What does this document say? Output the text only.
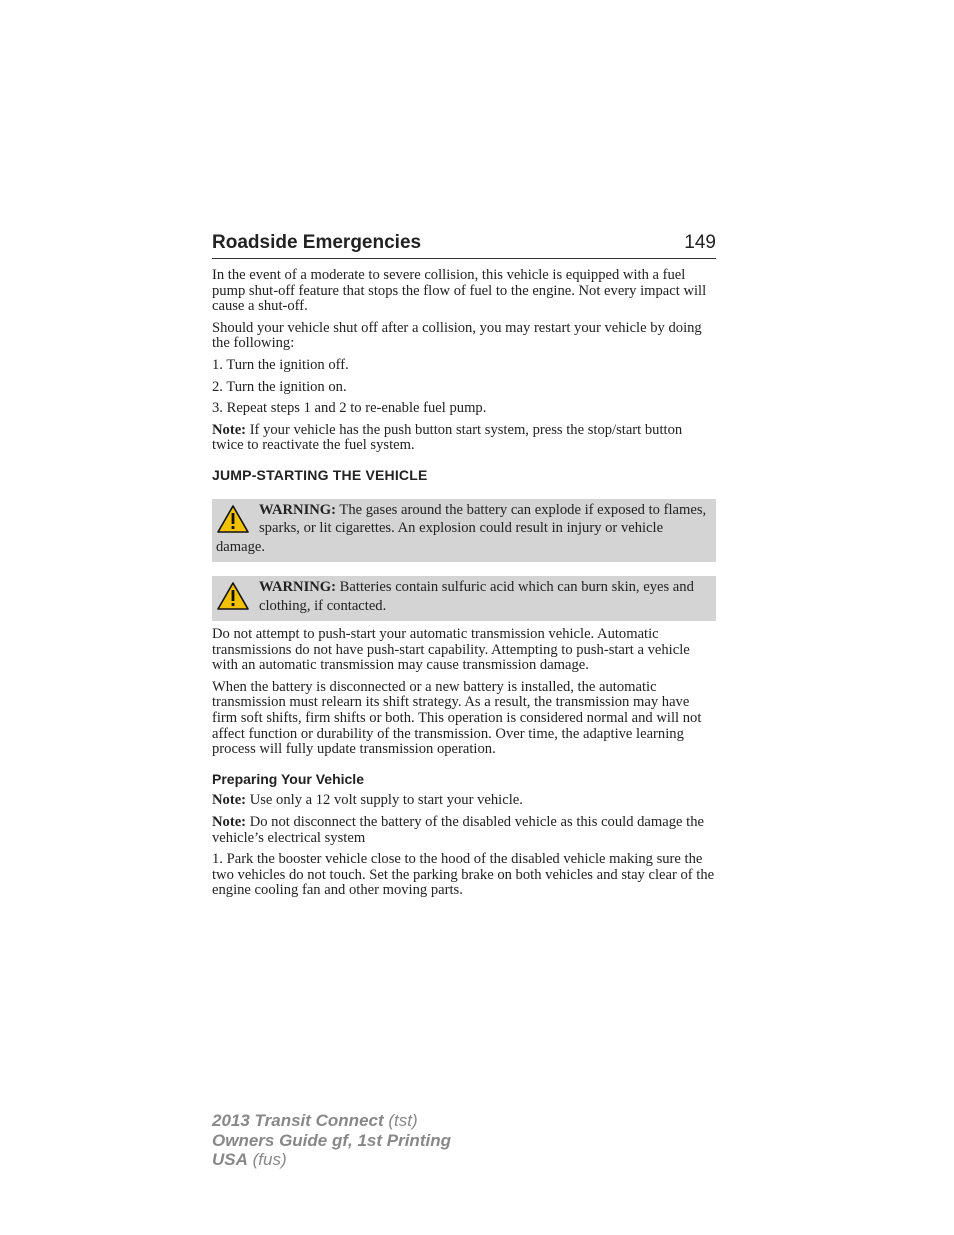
Roadside Emergencies	149

In the event of a moderate to severe collision, this vehicle is equipped with a fuel pump shut-off feature that stops the flow of fuel to the engine. Not every impact will cause a shut-off.

Should your vehicle shut off after a collision, you may restart your vehicle by doing the following:

1. Turn the ignition off.

2. Turn the ignition on.

3. Repeat steps 1 and 2 to re-enable fuel pump.

Note: If your vehicle has the push button start system, press the stop/start button twice to reactivate the fuel system.

JUMP-STARTING THE VEHICLE
WARNING: The gases around the battery can explode if exposed to flames, sparks, or lit cigarettes. An explosion could result in injury or vehicle damage.
WARNING: Batteries contain sulfuric acid which can burn skin, eyes and clothing, if contacted.

Do not attempt to push-start your automatic transmission vehicle. Automatic transmissions do not have push-start capability. Attempting to push-start a vehicle with an automatic transmission may cause transmission damage.

When the battery is disconnected or a new battery is installed, the automatic transmission must relearn its shift strategy. As a result, the transmission may have firm soft shifts, firm shifts or both. This operation is considered normal and will not affect function or durability of the transmission. Over time, the adaptive learning process will fully update transmission operation.

Preparing Your Vehicle

Note: Use only a 12 volt supply to start your vehicle.

Note: Do not disconnect the battery of the disabled vehicle as this could damage the vehicle’s electrical system

1. Park the booster vehicle close to the hood of the disabled vehicle making sure the two vehicles do not touch. Set the parking brake on both vehicles and stay clear of the engine cooling fan and other moving parts.

2013 Transit Connect (tst)
Owners Guide gf, 1st Printing
USA (fus)
